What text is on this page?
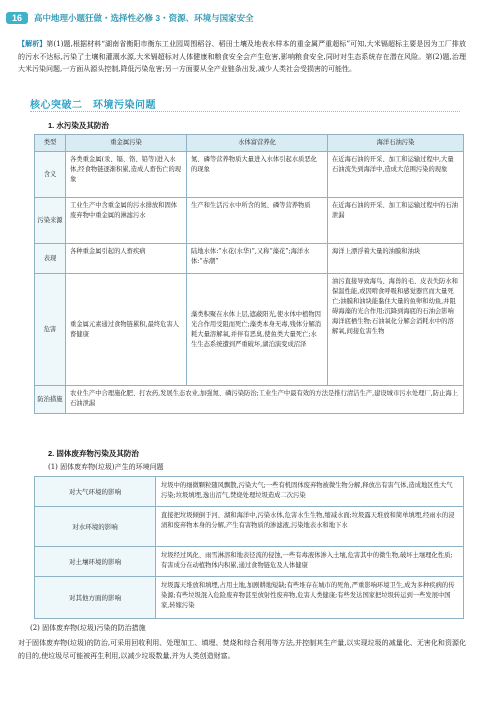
16	高中地理小题狂做・选择性必修 3・资源、环境与国家安全
【解析】第(1)题,根据材料“湖南省衡阳市衡东工业园周围稻谷、稻田土壤及地表水样本的重金属严重超标”可知,大米镉超标主要是因为工厂排放的污水不达标,污染了土壤和灌溉水源,大米镉超标对人体健康和粮食安全会产生危害,影响粮食安全,同时对生态系统存在潜在风险。第(2)题,治理大米污染问题,一方面从源头控制,降低污染危害;另一方面要从全产业链条出发,减少人类社会受损害的可能性。
核心突破二　环境污染问题
1. 水污染及其防治
类型	重金属污染	水体富营养化	海洋石油污染
含义	各类重金属(汞、镉、铬、铅等)进入水体,经食物链逐渐积累,造成人畜伤亡的现象	氮、磷等营养物质大量进入水体引起水质恶化的现象	在近海石油的开采、加工和运输过程中,大量石油流失到海洋中,造成大范围污染的现象
污染来源	工业生产中含重金属的污水排放和固体废弃物中重金属的淋滤污水	生产和生活污水中所含的氮、磷等营养物质	在近海石油的开采、加工和运输过程中的石油泄漏
表现	各种重金属引起的人畜疾病	陆地水体:“水花(水华)”,又称“藻花”;海洋水体:“赤潮”	海洋上漂浮着大量的油膜和油块
危害	重金属元素通过食物链累积,最终危害人畜健康	藻类积聚在水体上层,遮蔽阳光,使水体中植物因光合作用受阻而死亡;藻类本身无毒,残体分解消耗大量溶解氧,并伴有恶臭,使鱼类大量死亡;水生生态系统遭到严重破坏,湖泊演变成沼泽	油污直接导致海鸟、海兽的毛、皮表失防水和保温性能,或因啃食呼吸和感觉器官而大量死亡;油膜和油块能黏住大量的鱼卵和幼鱼,并阻碍海藻的光合作用;沉降到海底的石油会影响海洋底栖生物;石油氧化分解会消耗水中的溶解氧,间接危害生物
防治措施	农业生产中合理施化肥、打农药,发展生态农业,加强氮、磷污染防治;工业生产中最有效的方法是推行清洁生产,建设城市污水处理厂,防止海上石油泄漏		
2. 固体废弃物污染及其防治
(1) 固体废弃物(垃圾)产生的环境问题
对大气环境的影响	垃圾中的细微颗粒随风飘散,污染大气;一些有机固体废弃物被微生物分解,释放出有害气体,造成地区性大气污染;垃圾填埋,逸出沼气,焚烧处理垃圾造成二次污染
对水环境的影响	直接把垃圾倾倒于河、湖和海洋中,污染水体,危害水生生物,缩减水面;垃圾露天堆放和简单填埋,经雨水的浸渍和废弃物本身的分解,产生有害物质的渗滤液,污染地表水和地下水
对土壤环境的影响	垃圾经过风化、雨雪淋溶和地表径流的侵蚀,一些有毒液体渗入土壤,危害其中的微生物,破坏土壤理化性质;有害成分在动植物体内积累,通过食物链危及人体健康
对其他方面的影响	垃圾露天堆放和填埋,占用土地,加剧耕地短缺;有些堆存在城市的死角,严重影响环境卫生,成为多种疾病的传染源;有些垃圾混入危险废弃物甚至放射性废弃物,危害人类健康;有些发达国家把垃圾转运到一些发展中国家,转嫁污染
(2) 固体废弃物(垃圾)污染的防治措施
对于固体废弃物(垃圾)的防治,可采用回收利用、处理加工、填埋、焚烧和综合利用等方法,并控制其生产量,以实现垃圾的减量化、无害化和资源化的目的,使垃圾尽可能被再生利用,以减少垃圾数量,并为人类创造财富。
